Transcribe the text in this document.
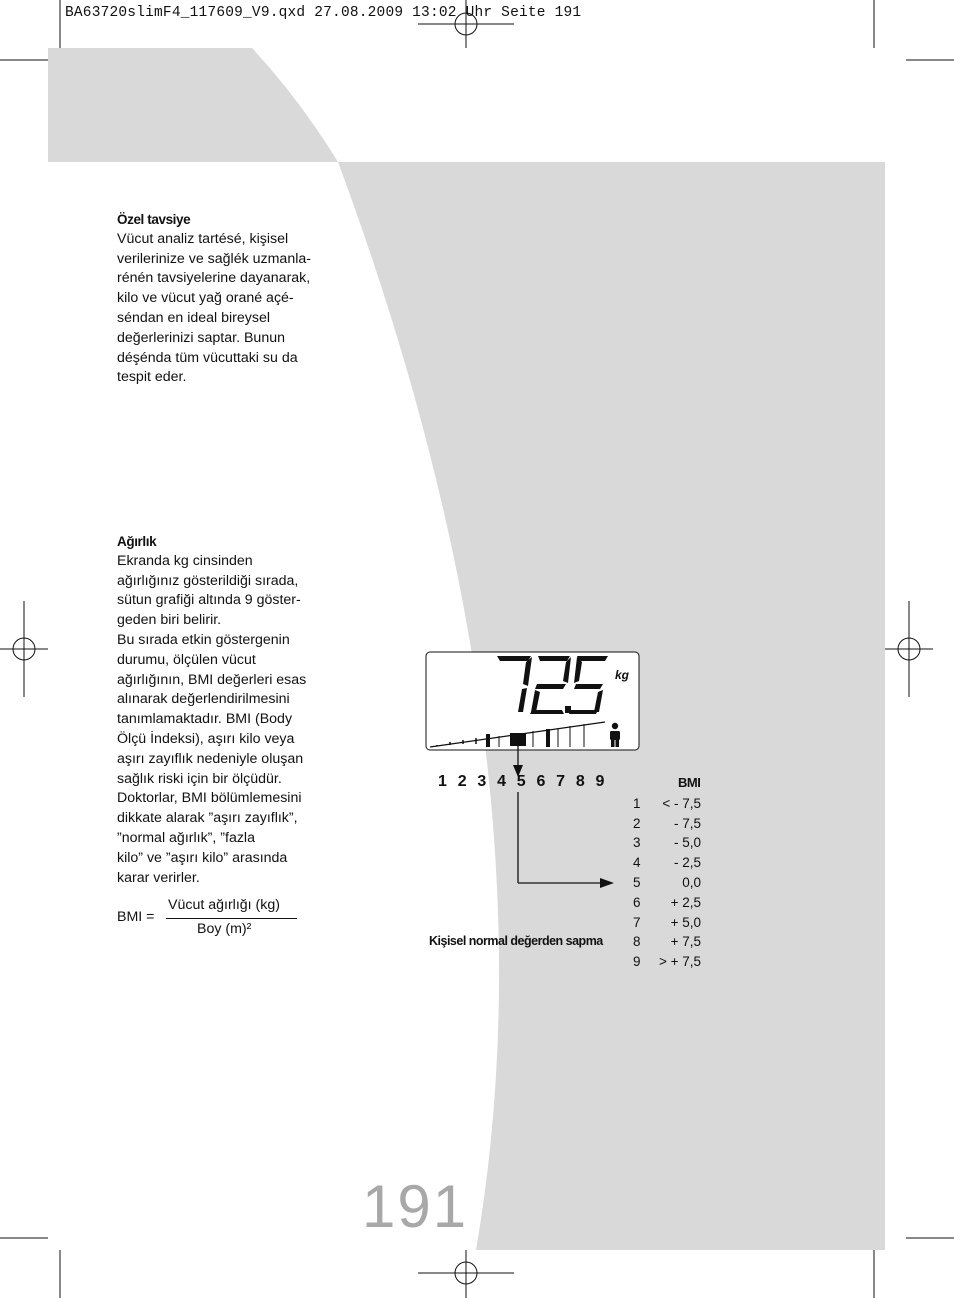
BA63720slimF4_117609_V9.qxd 27.08.2009 13:02 Uhr Seite 191
Özel tavsiye

Vücut analiz tartésé, kişisel

verilerinize ve sağlék uzmanla-

rénén tavsiyelerine dayanarak,

kilo ve vücut yağ orané açé-

séndan en ideal bireysel

değerlerinizi saptar. Bunun

déşénda tüm vücuttaki su da

tespit eder.

Ağırlık

Ekranda kg cinsinden

ağırlığınız gösterildiği sırada,

sütun grafiği altında 9 göster-

geden biri belirir.

Bu sırada etkin göstergenin

durumu, ölçülen vücut

ağırlığının, BMI değerleri esas

alınarak değerlendirilmesini

tanımlamaktadır. BMI (Body

Ölçü İndeksi), aşırı kilo veya

aşırı zayıflık nedeniyle oluşan

sağlık riski için bir ölçüdür.

Doktorlar, BMI bölümlemesini

dikkate alarak ”aşırı zayıflık”,

”normal ağırlık”, ”fazla

kilo” ve ”aşırı kilo” arasında

karar verirler.

BMI =
Vücut ağırlığı (kg)
Boy (m)²
kg
1 2 3 4 5 6 7 8 9	BMI
1 < - 7,5
2 - 7,5
3 - 5,0
4 - 2,5
5	0,0
6 + 2,5
7 + 5,0
8 + 7,5
9 > + 7,5
Kişisel normal değerden sapma
191
